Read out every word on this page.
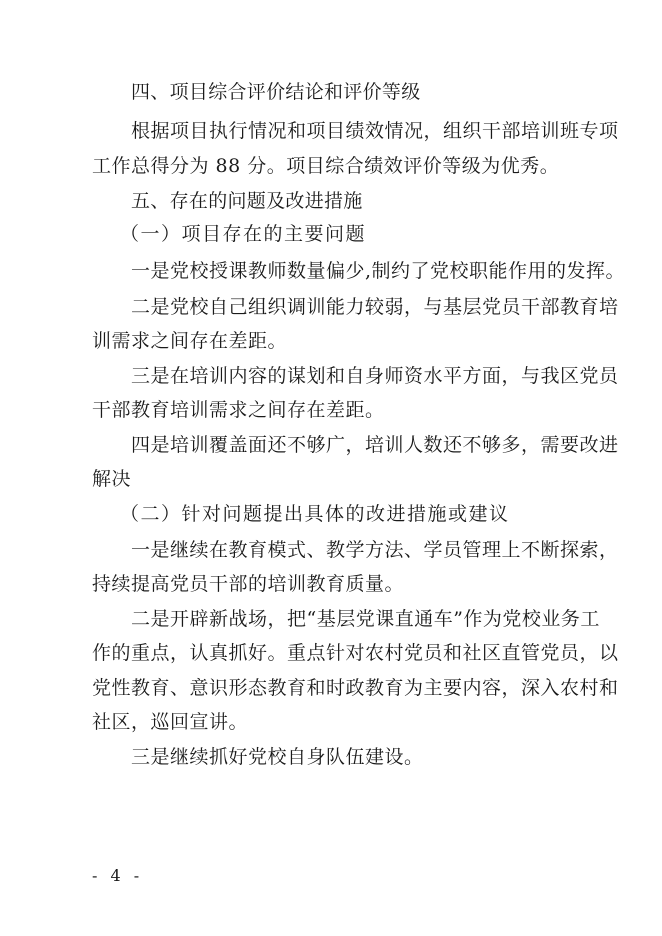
四、项目综合评价结论和评价等级
根据项目执行情况和项目绩效情况，组织干部培训班专项
工作总得分为 88 分。项目综合绩效评价等级为优秀。
五、存在的问题及改进措施
（一）项目存在的主要问题
一是党校授课教师数量偏少,制约了党校职能作用的发挥。
二是党校自己组织调训能力较弱，与基层党员干部教育培
训需求之间存在差距。
三是在培训内容的谋划和自身师资水平方面，与我区党员
干部教育培训需求之间存在差距。
四是培训覆盖面还不够广，培训人数还不够多，需要改进
解决
（二）针对问题提出具体的改进措施或建议
一是继续在教育模式、教学方法、学员管理上不断探索，
持续提高党员干部的培训教育质量。
二是开辟新战场，把“基层党课直通车”作为党校业务工
作的重点，认真抓好。重点针对农村党员和社区直管党员，以
党性教育、意识形态教育和时政教育为主要内容，深入农村和
社区，巡回宣讲。
三是继续抓好党校自身队伍建设。
- 4 -
